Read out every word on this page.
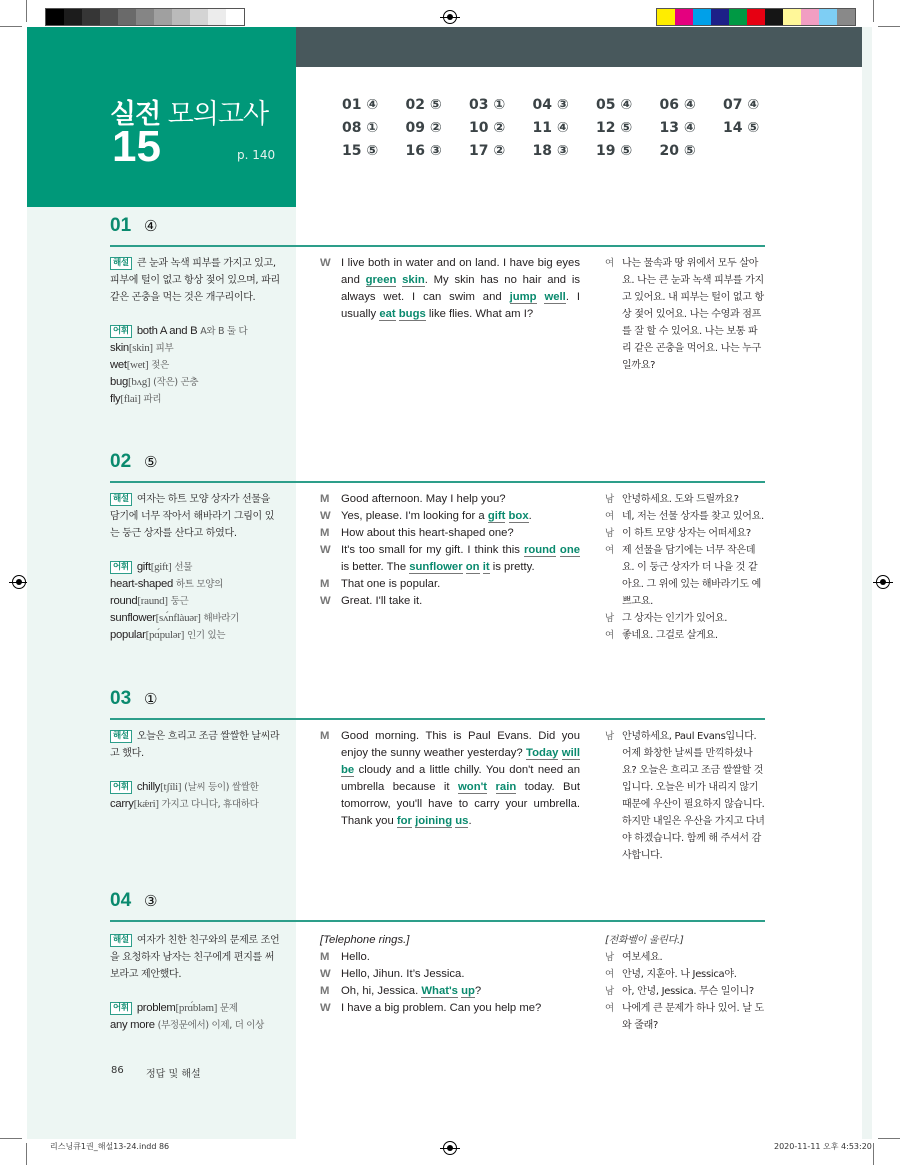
실전 모의고사
15	p. 140
01 ④	02 ⑤	03 ①	04 ③	05 ④	06 ④	07 ④
08 ①	09 ②	10 ②	11 ④	12 ⑤	13 ④	14 ⑤
15 ⑤	16 ③	17 ②	18 ③	19 ⑤	20 ⑤
01 ④
해설 큰 눈과 녹색 피부를 가지고 있고, 피부에 털이 없고 항상 젖어 있으며, 파리 같은 곤충을 먹는 것은 개구리이다.
어휘 both A and B A와 B 둘 다
skin[skin] 피부
wet[wet] 젖은
bug[bʌg] (작은) 곤충
fly[flai] 파리
W I live both in water and on land. I have big eyes and green skin. My skin has no hair and is always wet. I can swim and jump well. I usually eat bugs like flies. What am I?
여 나는 물속과 땅 위에서 모두 살아요. 나는 큰 눈과 녹색 피부를 가지고 있어요. 내 피부는 털이 없고 항상 젖어 있어요. 나는 수영과 점프를 잘 할 수 있어요. 나는 보통 파리 같은 곤충을 먹어요. 나는 누구일까요?
02 ⑤
해설 여자는 하트 모양 상자가 선물을 담기에 너무 작아서 해바라기 그림이 있는 둥근 상자를 산다고 하였다.
어휘 gift[gift] 선물
heart-shaped 하트 모양의
round[raund] 둥근
sunflower[sʌ́nflàuər] 해바라기
popular[pɑ́pulər] 인기 있는
M	Good afternoon. May I help you?
W Yes, please. I'm looking for a gift box.
M	How about this heart-shaped one?
W It's too small for my gift. I think this round one is better. The sunflower on it is pretty.
M	That one is popular.
W Great. I'll take it.
남 안녕하세요. 도와 드릴까요?
여 네, 저는 선물 상자를 찾고 있어요.
남 이 하트 모양 상자는 어떠세요?
여 제 선물을 담기에는 너무 작은데요. 이 둥근 상자가 더 나을 것 같아요. 그 위에 있는 해바라기도 예쁘고요.
남 그 상자는 인기가 있어요.
여 좋네요. 그걸로 살게요.
03 ①
해설 오늘은 흐리고 조금 쌀쌀한 날씨라고 했다.
어휘 chilly[tʃíli] (날씨 등이) 쌀쌀한
carry[kǽri] 가지고 다니다, 휴대하다
M	Good morning. This is Paul Evans. Did you enjoy the sunny weather yesterday? Today will be cloudy and a little chilly. You don't need an umbrella because it won't rain today. But tomorrow, you'll have to carry your umbrella. Thank you for joining us.
남 안녕하세요, Paul Evans입니다. 어제 화창한 날씨를 만끽하셨나요? 오늘은 흐리고 조금 쌀쌀할 것입니다. 오늘은 비가 내리지 않기 때문에 우산이 필요하지 않습니다. 하지만 내일은 우산을 가지고 다녀야 하겠습니다. 함께 해 주셔서 감사합니다.
04 ③
해설 여자가 친한 친구와의 문제로 조언을 요청하자 남자는 친구에게 편지를 써 보라고 제안했다.
어휘 problem[prɑ́bləm] 문제
any more (부정문에서) 이제, 더 이상
[Telephone rings.]
M	Hello.
W Hello, Jihun. It’s Jessica.
M	Oh, hi, Jessica. What's up?
W I have a big problem. Can you help me?
[전화벨이 울린다.]
남 여보세요.
여 안녕, 지훈아. 나 Jessica야.
남 아, 안녕, Jessica. 무슨 일이니?
여 나에게 큰 문제가 하나 있어. 날 도와 줄래?
86 정답 및 해설
리스닝큐1권_해설13-24.indd 86	2020-11-11 오후 4:53:20
